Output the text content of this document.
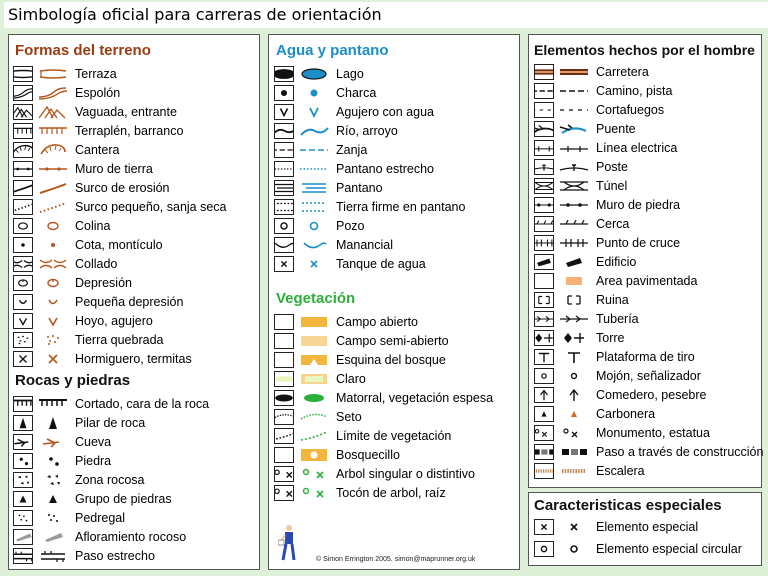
Simbología oficial para carreras de orientación
Formas del terreno
Terraza
Espolón
Vaguada, entrante
Terraplén, barranco
Cantera
Muro de tierra
Surco de erosión
Surco pequeño, sanja seca
Colina
Cota, montículo
Collado
Depresión
Pequeña depresión
Hoyo, agujero
Tierra quebrada
Hormiguero, termitas
Rocas y piedras
Cortado, cara de la roca
Pilar de roca
Cueva
Piedra
Zona rocosa
Grupo de piedras
Pedregal
Afloramiento rocoso
Paso estrecho
Agua y pantano
Lago
Charca
Agujero con agua
Río, arroyo
Zanja
Pantano estrecho
Pantano
Tierra firme en pantano
Pozo
Manancial
Tanque de agua
Vegetación
Campo abierto
Campo semi-abierto
Esquina del bosque
Claro
Matorral, vegetación espesa
Seto
Límite de vegetación
Bosquecillo
Arbol singular o distintivo
Tocón de arbol, raíz
© Simon Errington 2005. simon@maprunner.org.uk
Elementos hechos por el hombre
Carretera
Camino, pista
Cortafuegos
Puente
Línea electrica
Poste
Túnel
Muro de piedra
Cerca
Punto de cruce
Edificio
Area pavimentada
Ruina
Tubería
Torre
Plataforma de tiro
Mojón, señalizador
Comedero, pesebre
Carbonera
Monumento, estatua
Paso a través de construcción
Escalera
Caracteristicas especiales
Elemento especial
Elemento especial circular
